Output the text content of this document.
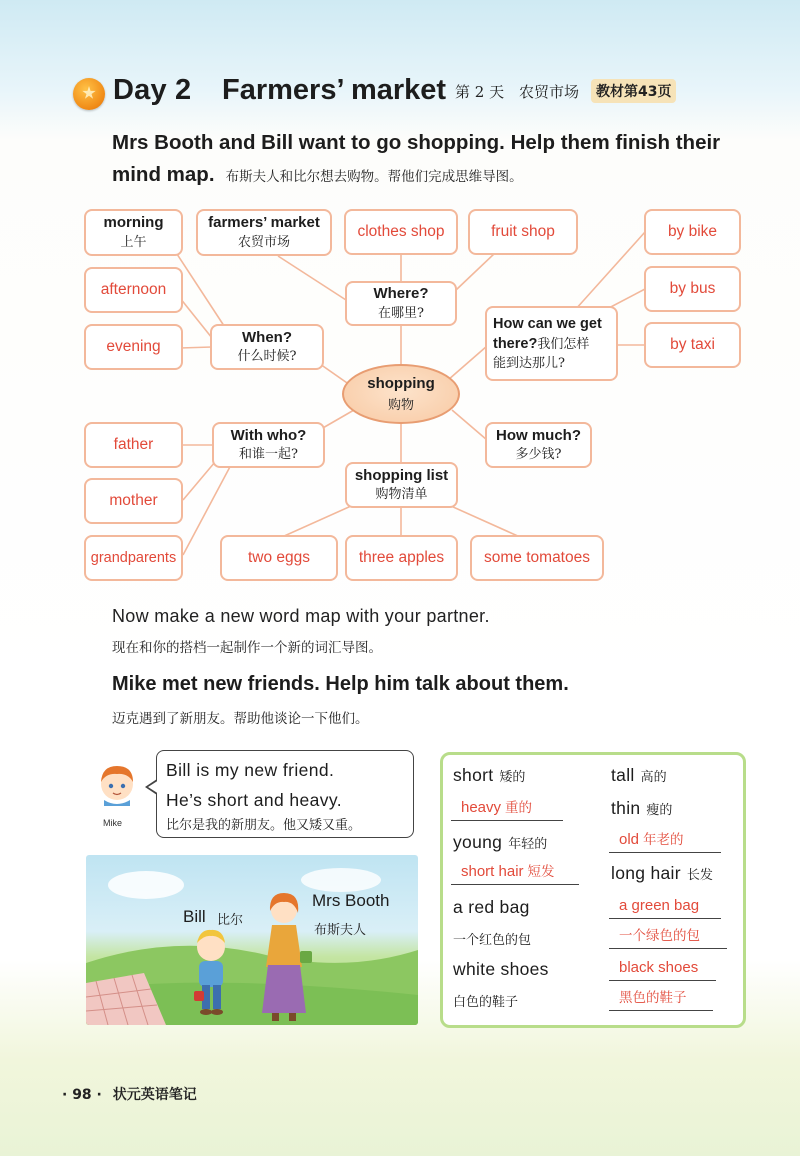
Day 2 Farmers’ market 第 2 天 农贸市场	教材第43页
Mrs Booth and Bill want to go shopping. Help them finish their
mind map. 布斯夫人和比尔想去购物。帮他们完成思维导图。
shopping
购物
When?
什么时候?
Where?
在哪里?
How can we get
there?我们怎样
能到达那儿?
With who?
和谁一起?
How much?
多少钱?
shopping list
购物清单
morning
上午
afternoon
evening
farmers’ market
农贸市场
clothes shop	fruit shop	by bike
by bus
by taxi
father
mother
grandparents	two eggs	three apples	some tomatoes
Now make a new word map with your partner.
现在和你的搭档一起制作一个新的词汇导图。
Mike met new friends. Help him talk about them.
迈克遇到了新朋友。帮助他谈论一下他们。
Mike
Bill is my new friend.
He’s short and heavy.
比尔是我的新朋友。他又矮又重。
Bill 比尔
Mrs Booth
布斯夫人
short 矮的
heavy 重的
young 年轻的
short hair 短发
a red bag
一个红色的包
white shoes
白色的鞋子
tall 高的
thin 瘦的
old 年老的
long hair 长发
a green bag
一个绿色的包
black shoes
黑色的鞋子
· 98 · 状元英语笔记
